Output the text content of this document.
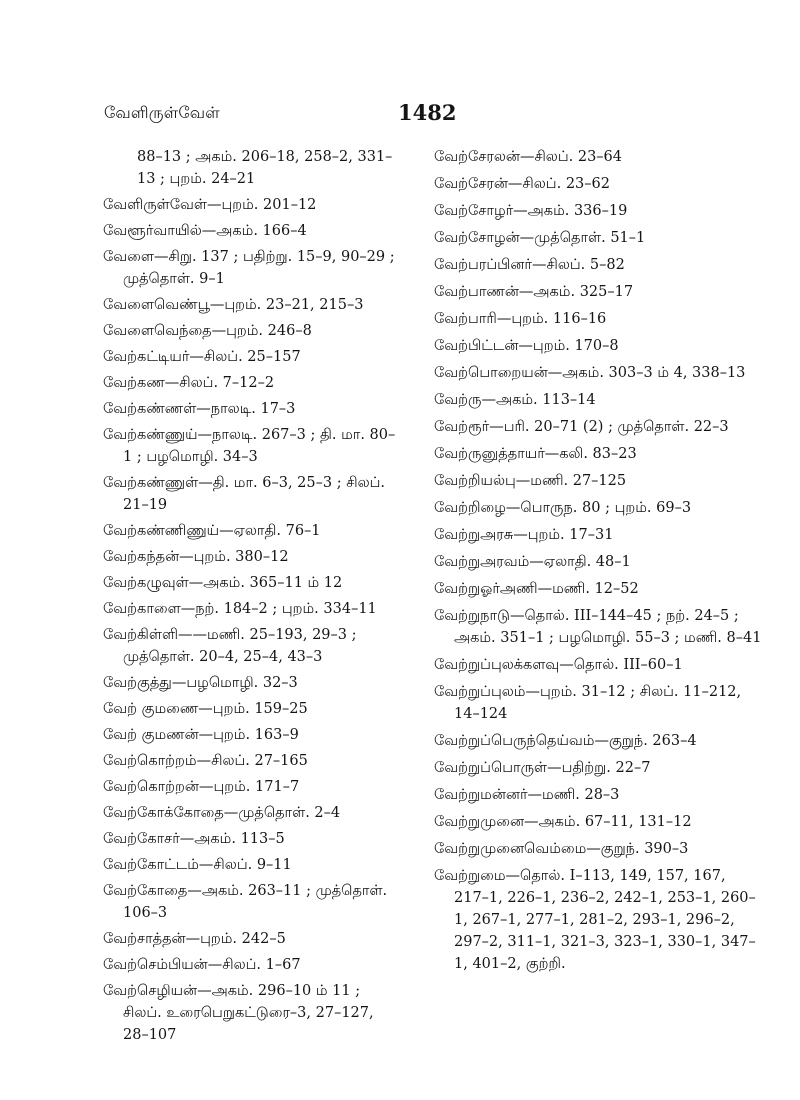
வேளிருள்வேள்	1482
88–13 ; அகம். 206–18, 258–2, 331–13 ; புறம். 24–21
வேளிருள்வேள்—புறம். 201–12
வேளூர்வாயில்—அகம். 166–4
வேளை—சிறு. 137 ; பதிற்று. 15–9, 90–29 ; முத்தொள். 9–1
வேளைவெண்பூ—புறம். 23–21, 215–3
வேளைவெந்தை—புறம். 246–8
வேற்கட்டியர்—சிலப். 25–157
வேற்கண—சிலப். 7–12–2
வேற்கண்ணள்—நாலடி. 17–3
வேற்கண்ணுய்—நாலடி. 267–3 ; தி. மா. 80–1 ; பழமொழி. 34–3
வேற்கண்ணுள்—தி. மா. 6–3, 25–3 ; சிலப். 21–19
வேற்கண்ணிணுய்—ஏலாதி. 76–1
வேற்கந்தன்—புறம். 380–12
வேற்கழுவுள்—அகம். 365–11 ம் 12
வேற்காளை—நற். 184–2 ; புறம். 334–11
வேற்கிள்ளி——மணி. 25–193, 29–3 ; முத்தொள். 20–4, 25–4, 43–3
வேற்குத்து—பழமொழி. 32–3
வேற் குமணை—புறம். 159–25
வேற் குமணன்—புறம். 163–9
வேற்கொற்றம்—சிலப். 27–165
வேற்கொற்றன்—புறம். 171–7
வேற்கோக்கோதை—முத்தொள். 2–4
வேற்கோசர்—அகம். 113–5
வேற்கோட்டம்—சிலப். 9–11
வேற்கோதை—அகம். 263–11 ; முத்தொள். 106–3
வேற்சாத்தன்—புறம். 242–5
வேற்செம்பியன்—சிலப். 1–67
வேற்செழியன்—அகம். 296–10 ம் 11 ; சிலப். உரைபெறுகட்டுரை–3, 27–127, 28–107
வேற்சேரலன்—சிலப். 23–64
வேற்சேரன்—சிலப். 23–62
வேற்சோழர்—அகம். 336–19
வேற்சோழன்—முத்தொள். 51–1
வேற்பரப்பினர்—சிலப். 5–82
வேற்பாணன்—அகம். 325–17
வேற்பாரி—புறம். 116–16
வேற்பிட்டன்—புறம். 170–8
வேற்பொறையன்—அகம். 303–3 ம் 4, 338–13
வேற்ரு—அகம். 113–14
வேற்ரூர்—பரி. 20–71 (2) ; முத்தொள். 22–3
வேற்ருனுத்தாயர்—கலி. 83–23
வேற்றியல்பு—மணி. 27–125
வேற்றிழை—பொருந. 80 ; புறம். 69–3
வேற்றுஅரசு—புறம். 17–31
வேற்றுஅரவம்—ஏலாதி. 48–1
வேற்றுஓர்அணி—மணி. 12–52
வேற்றுநாடு—தொல். III–144–45 ; நற். 24–5 ; அகம். 351–1 ; பழமொழி. 55–3 ; மணி. 8–41
வேற்றுப்புலக்களவு—தொல். III–60–1
வேற்றுப்புலம்—புறம். 31–12 ; சிலப். 11–212, 14–124
வேற்றுப்பெருந்தெய்வம்—குறுந். 263–4
வேற்றுப்பொருள்—பதிற்று. 22–7
வேற்றுமன்னர்—மணி. 28–3
வேற்றுமுனை—அகம். 67–11, 131–12
வேற்றுமுனைவெம்மை—குறுந். 390–3
வேற்றுமை—தொல். I–113, 149, 157, 167, 217–1, 226–1, 236–2, 242–1, 253–1, 260–1, 267–1, 277–1, 281–2, 293–1, 296–2, 297–2, 311–1, 321–3, 323–1, 330–1, 347–1, 401–2, குற்றி.
